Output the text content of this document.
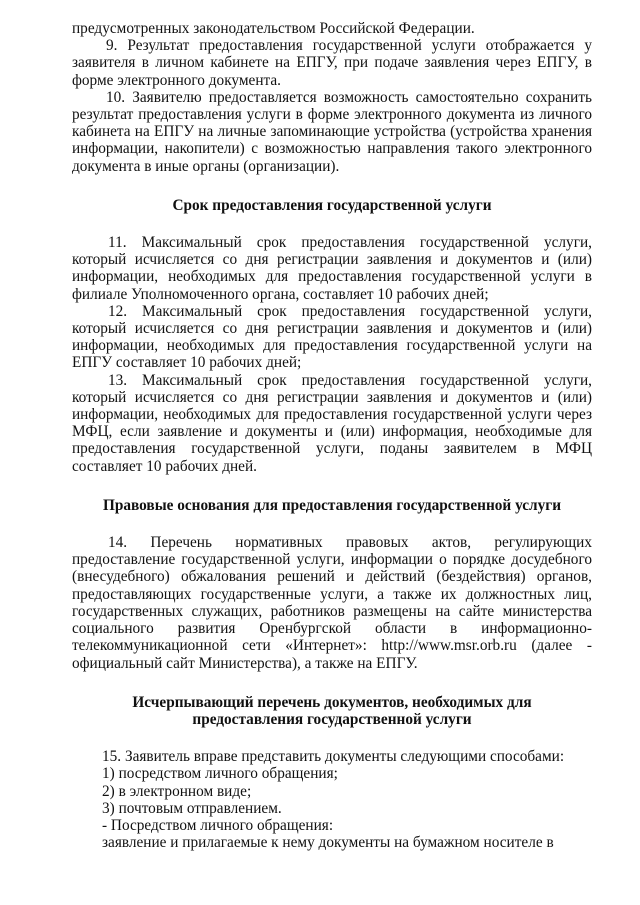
предусмотренных законодательством Российской Федерации.

9. Результат предоставления государственной услуги отображается у заявителя в личном кабинете на ЕПГУ, при подаче заявления через ЕПГУ, в форме электронного документа.

10. Заявителю предоставляется возможность самостоятельно сохранить результат предоставления услуги в форме электронного документа из личного кабинета на ЕПГУ на личные запоминающие устройства (устройства хранения информации, накопители) с возможностью направления такого электронного документа в иные органы (организации).

Срок предоставления государственной услуги

11. Максимальный срок предоставления государственной услуги, который исчисляется со дня регистрации заявления и документов и (или) информации, необходимых для предоставления государственной услуги в филиале Уполномоченного органа, составляет 10 рабочих дней;

12. Максимальный срок предоставления государственной услуги, который исчисляется со дня регистрации заявления и документов и (или) информации, необходимых для предоставления государственной услуги на ЕПГУ составляет 10 рабочих дней;

13. Максимальный срок предоставления государственной услуги, который исчисляется со дня регистрации заявления и документов и (или) информации, необходимых для предоставления государственной услуги через МФЦ, если заявление и документы и (или) информация, необходимые для предоставления государственной услуги, поданы заявителем в МФЦ составляет 10 рабочих дней.

Правовые основания для предоставления государственной услуги

14. Перечень нормативных правовых актов, регулирующих предоставление государственной услуги, информации о порядке досудебного (внесудебного) обжалования решений и действий (бездействия) органов, предоставляющих государственные услуги, а также их должностных лиц, государственных служащих, работников размещены на сайте министерства социального развития Оренбургской области в информационно-телекоммуникационной сети «Интернет»: http://www.msr.orb.ru (далее - официальный сайт Министерства), а также на ЕПГУ.

Исчерпывающий перечень документов, необходимых для

предоставления государственной услуги

15. Заявитель вправе представить документы следующими способами:

1) посредством личного обращения;

2) в электронном виде;

3) почтовым отправлением.

- Посредством личного обращения:

заявление и прилагаемые к нему документы на бумажном носителе в
